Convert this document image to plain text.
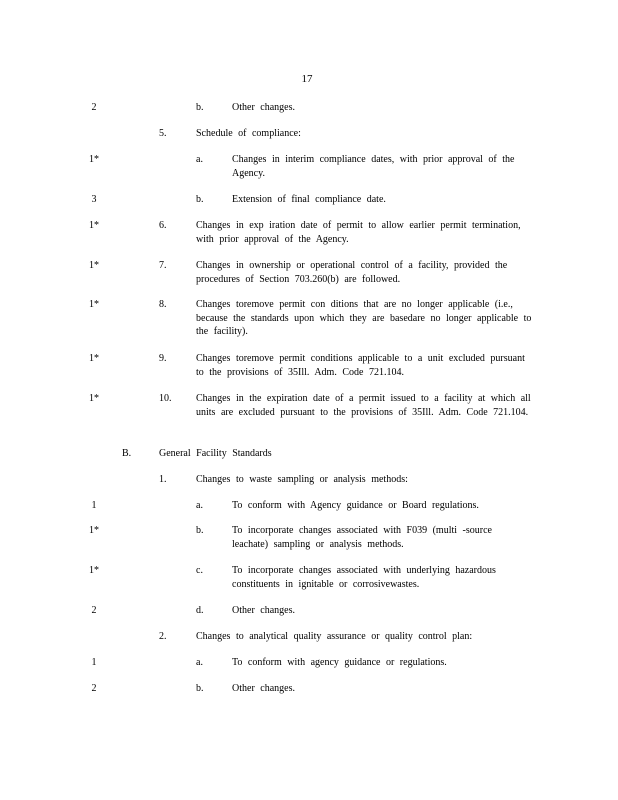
17
2	b.	Other changes.
5.	Schedule of compliance:
1*	a.	Changes in interim compliance dates, with prior approval of the Agency.
3	b.	Extension of final compliance date.
1*	6.	Changes in exp iration date of permit to allow earlier permit termination, with prior approval of the Agency.
1*	7.	Changes in ownership or operational control of a facility, provided the procedures of Section 703.260(b) are followed.
1*	8.	Changes toremove permit con ditions that are no longer applicable (i.e., because the standards upon which they are basedare no longer applicable to the facility).
1*	9.	Changes toremove permit conditions applicable to a unit excluded pursuant to the provisions of 35Ill. Adm. Code 721.104.
1*	10. Changes in the expiration date of a permit issued to a facility at which all units are excluded pursuant to the provisions of 35Ill. Adm. Code 721.104.
B.	General Facility Standards
1.	Changes to waste sampling or analysis methods:
1	a.	To conform with Agency guidance or Board regulations.
1*	b.	To incorporate changes associated with F039 (multi -source leachate) sampling or analysis methods.
1*	c.	To incorporate changes associated with underlying hazardous constituents in ignitable or corrosivewastes.
2	d.	Other changes.
2.	Changes to analytical quality assurance or quality control plan:
1	a.	To conform with agency guidance or regulations.
2	b.	Other changes.
